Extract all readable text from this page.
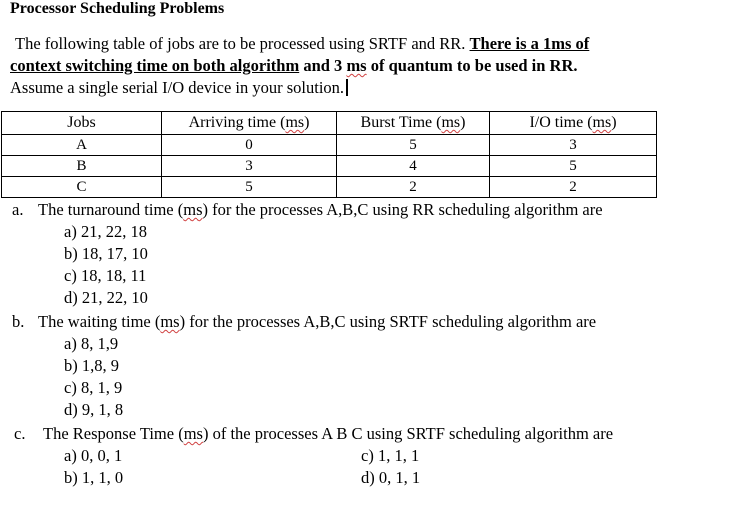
Processor Scheduling Problems
The following table of jobs are to be processed using SRTF and RR. There is a 1ms of
context switching time on both algorithm and 3 ms of quantum to be used in RR.
Assume a single serial I/O device in your solution.
Jobs	Arriving time (ms)	Burst Time (ms)	I/O time (ms)
A	0	5	3
B	3	4	5
C	5	2	2
a. The turnaround time (ms) for the processes A,B,C using RR scheduling algorithm are
a) 21, 22, 18
b) 18, 17, 10
c) 18, 18, 11
d) 21, 22, 10
b. The waiting time (ms) for the processes A,B,C using SRTF scheduling algorithm are
a) 8, 1,9
b) 1,8, 9
c) 8, 1, 9
d) 9, 1, 8
c. The Response Time (ms) of the processes A B C using SRTF scheduling algorithm are
a) 0, 0, 1
b) 1, 1, 0
c) 1, 1, 1
d) 0, 1, 1
